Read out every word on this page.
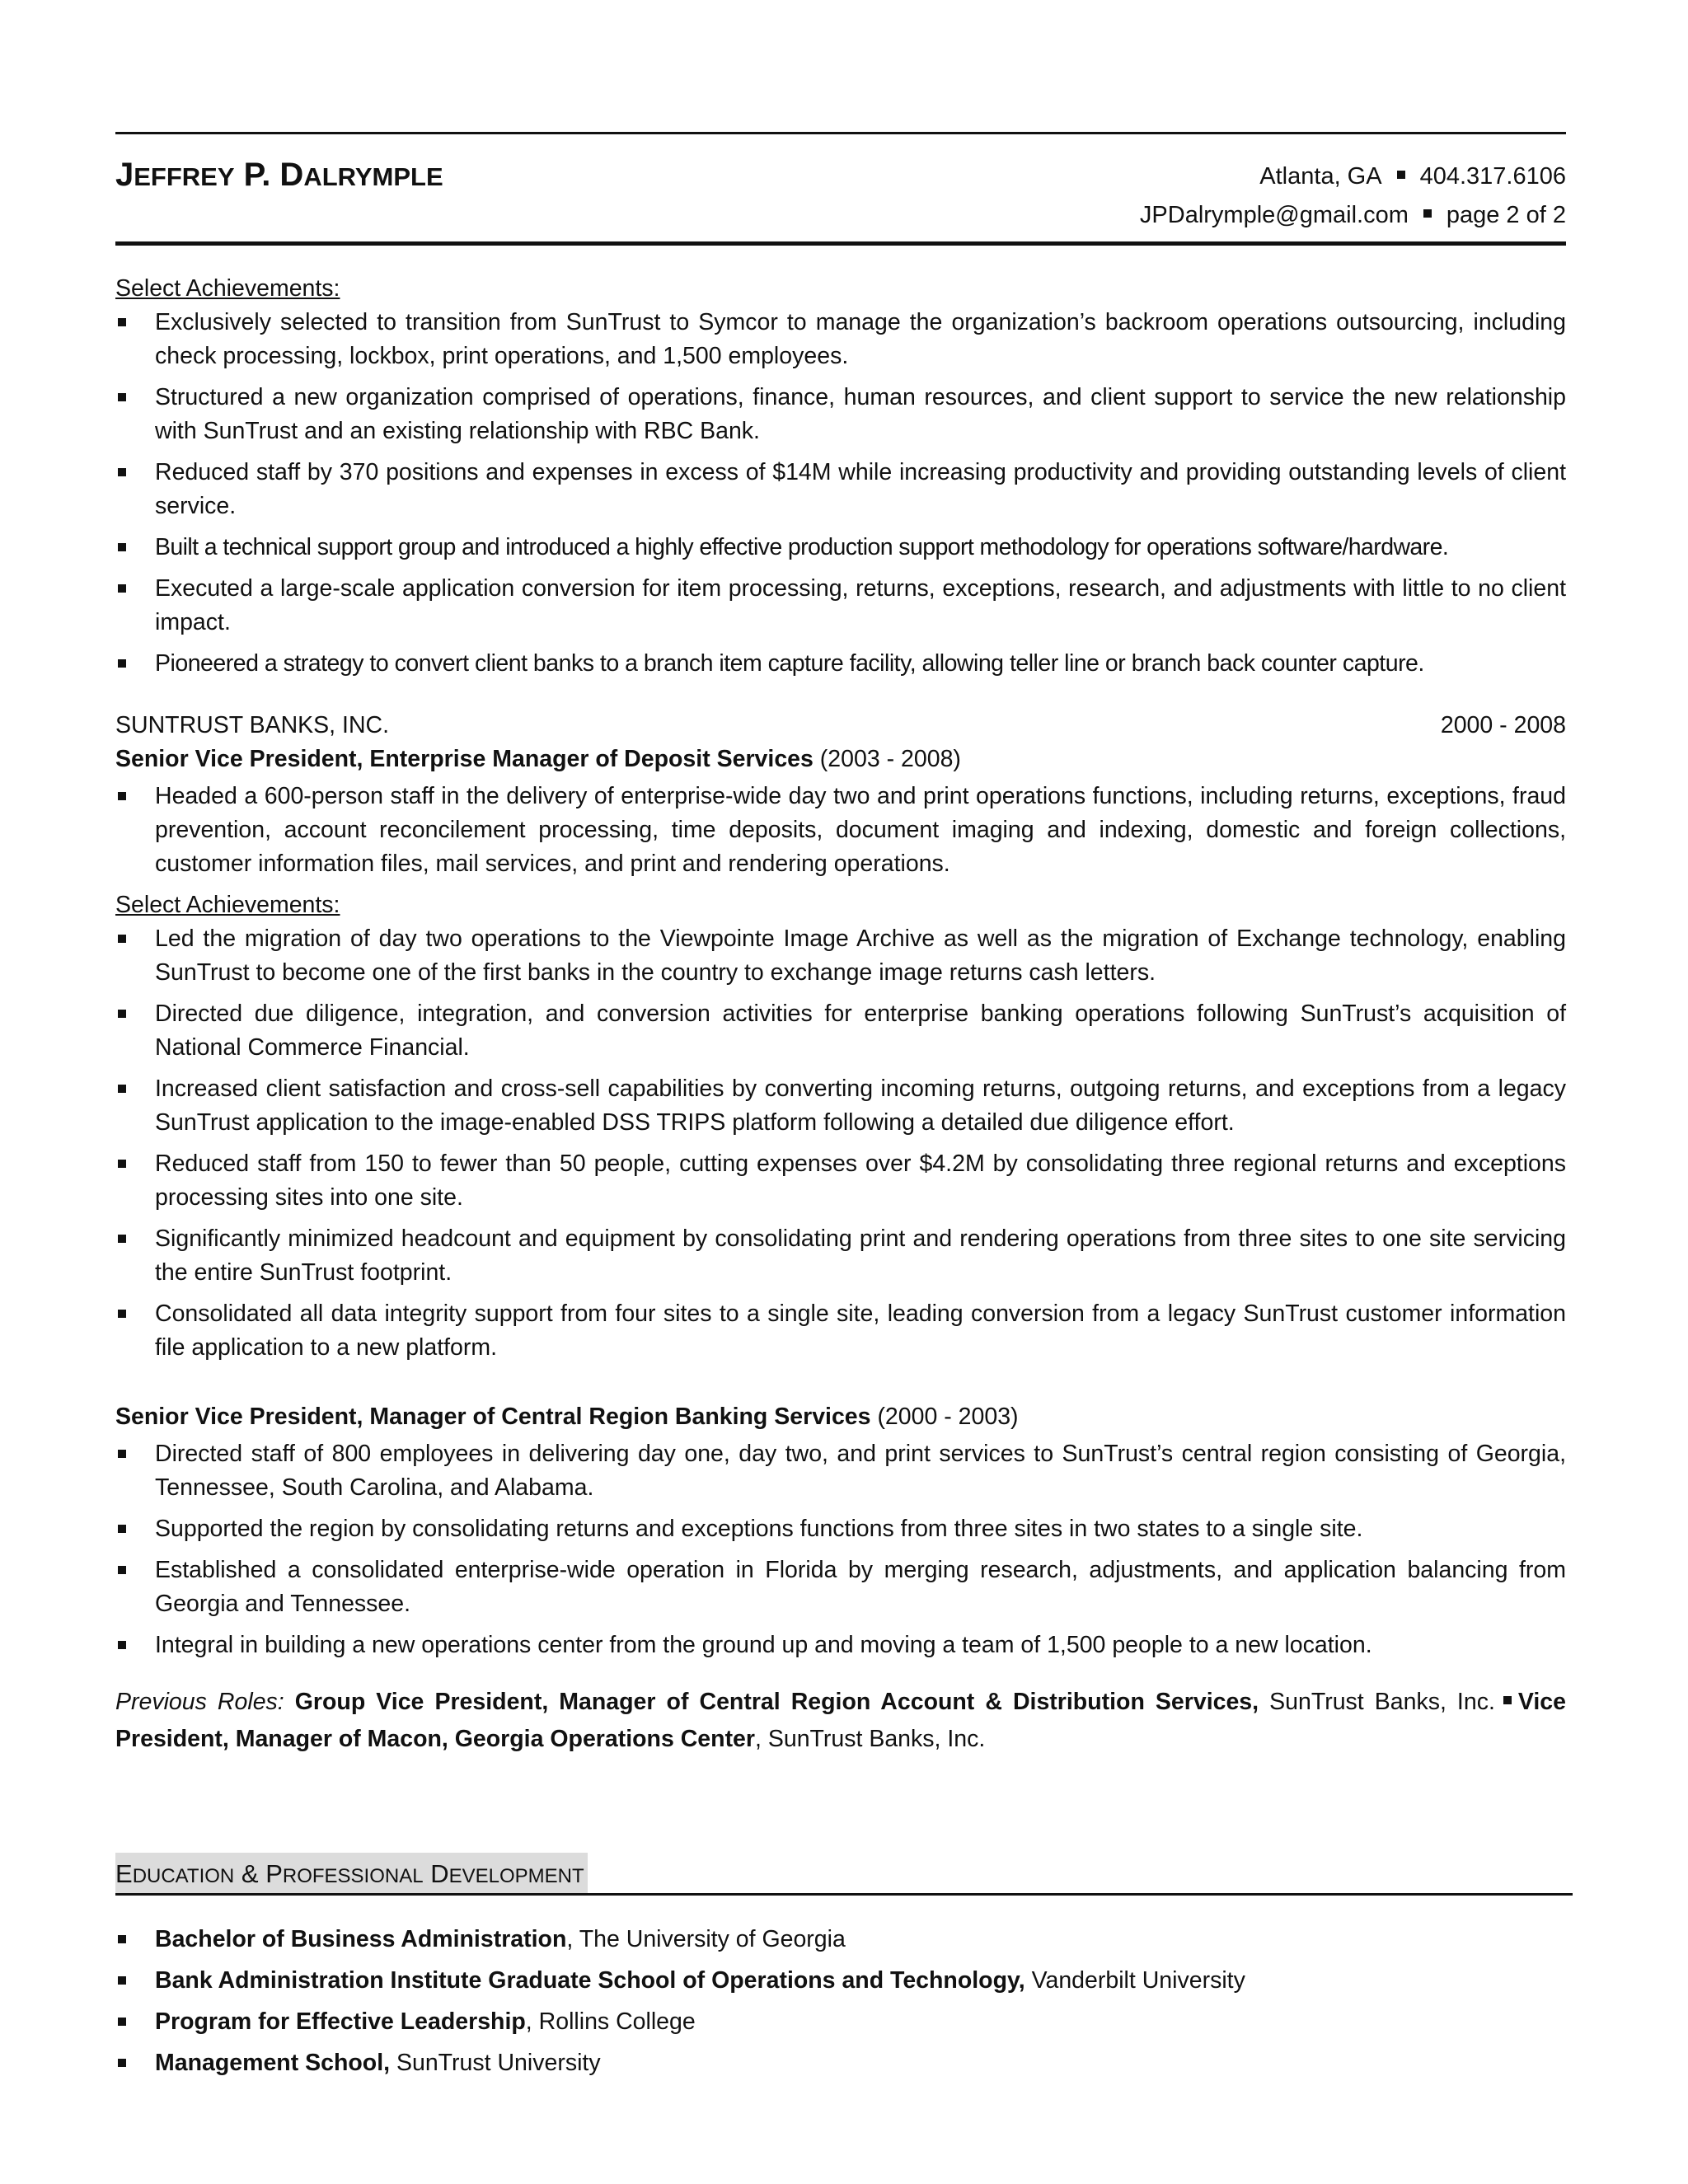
JEFFREY P. DALRYMPLE	Atlanta, GA 404.317.6106
JPDalrymple@gmail.com page 2 of 2

Select Achievements:

Exclusively selected to transition from SunTrust to Symcor to manage the organization’s backroom operations outsourcing, including check processing, lockbox, print operations, and 1,500 employees.
Structured a new organization comprised of operations, finance, human resources, and client support to service the new relationship with SunTrust and an existing relationship with RBC Bank.
Reduced staff by 370 positions and expenses in excess of $14M while increasing productivity and providing outstanding levels of client service.
Built a technical support group and introduced a highly effective production support methodology for operations software/hardware.
Executed a large-scale application conversion for item processing, returns, exceptions, research, and adjustments with little to no client impact.
Pioneered a strategy to convert client banks to a branch item capture facility, allowing teller line or branch back counter capture.
SUNTRUST BANKS, INC.	2000 - 2008

Senior Vice President, Enterprise Manager of Deposit Services (2003 - 2008)

Headed a 600-person staff in the delivery of enterprise-wide day two and print operations functions, including returns, exceptions, fraud prevention, account reconcilement processing, time deposits, document imaging and indexing, domestic and foreign collections, customer information files, mail services, and print and rendering operations.

Select Achievements:

Led the migration of day two operations to the Viewpointe Image Archive as well as the migration of Exchange technology, enabling SunTrust to become one of the first banks in the country to exchange image returns cash letters.
Directed due diligence, integration, and conversion activities for enterprise banking operations following SunTrust’s acquisition of National Commerce Financial.
Increased client satisfaction and cross-sell capabilities by converting incoming returns, outgoing returns, and exceptions from a legacy SunTrust application to the image-enabled DSS TRIPS platform following a detailed due diligence effort.
Reduced staff from 150 to fewer than 50 people, cutting expenses over $4.2M by consolidating three regional returns and exceptions processing sites into one site.
Significantly minimized headcount and equipment by consolidating print and rendering operations from three sites to one site servicing the entire SunTrust footprint.
Consolidated all data integrity support from four sites to a single site, leading conversion from a legacy SunTrust customer information file application to a new platform.

Senior Vice President, Manager of Central Region Banking Services (2000 - 2003)

Directed staff of 800 employees in delivering day one, day two, and print services to SunTrust’s central region consisting of Georgia, Tennessee, South Carolina, and Alabama.
Supported the region by consolidating returns and exceptions functions from three sites in two states to a single site.
Established a consolidated enterprise-wide operation in Florida by merging research, adjustments, and application balancing from Georgia and Tennessee.
Integral in building a new operations center from the ground up and moving a team of 1,500 people to a new location.

Previous Roles: Group Vice President, Manager of Central Region Account & Distribution Services, SunTrust Banks, Inc. Vice President, Manager of Macon, Georgia Operations Center, SunTrust Banks, Inc.

EDUCATION & PROFESSIONAL DEVELOPMENT
Bachelor of Business Administration, The University of Georgia
Bank Administration Institute Graduate School of Operations and Technology, Vanderbilt University
Program for Effective Leadership, Rollins College
Management School, SunTrust University
